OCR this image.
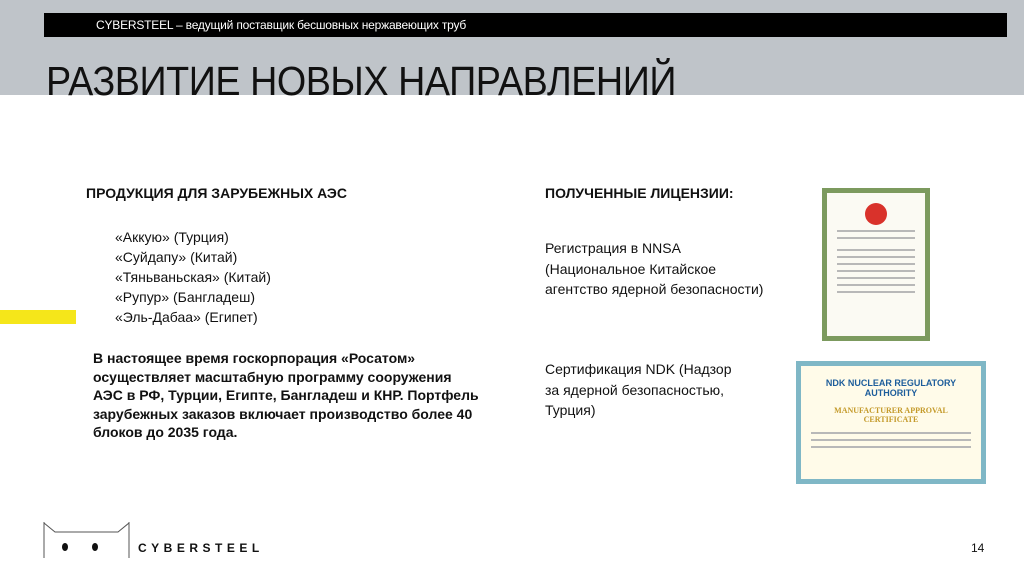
CYBERSTEEL – ведущий поставщик бесшовных нержавеющих труб
РАЗВИТИЕ НОВЫХ НАПРАВЛЕНИЙ
ПРОДУКЦИЯ ДЛЯ ЗАРУБЕЖНЫХ АЭС
«Аккую» (Турция)
«Суйдапу» (Китай)
«Тяньваньская» (Китай)
«Рупур» (Бангладеш)
«Эль-Дабаа» (Египет)
В настоящее время госкорпорация «Росатом» осуществляет масштабную программу сооружения АЭС в РФ, Турции, Египте, Бангладеш и КНР. Портфель зарубежных заказов включает производство более 40 блоков до 2035 года.
ПОЛУЧЕННЫЕ ЛИЦЕНЗИИ:
Регистрация в NNSA (Национальное Китайское агентство ядерной безопасности)
Сертификация NDK (Надзор за ядерной безопасностью, Турция)
NDK NUCLEAR REGULATORY AUTHORITY
MANUFACTURER APPROVAL CERTIFICATE
CYBERSTEEL	14
